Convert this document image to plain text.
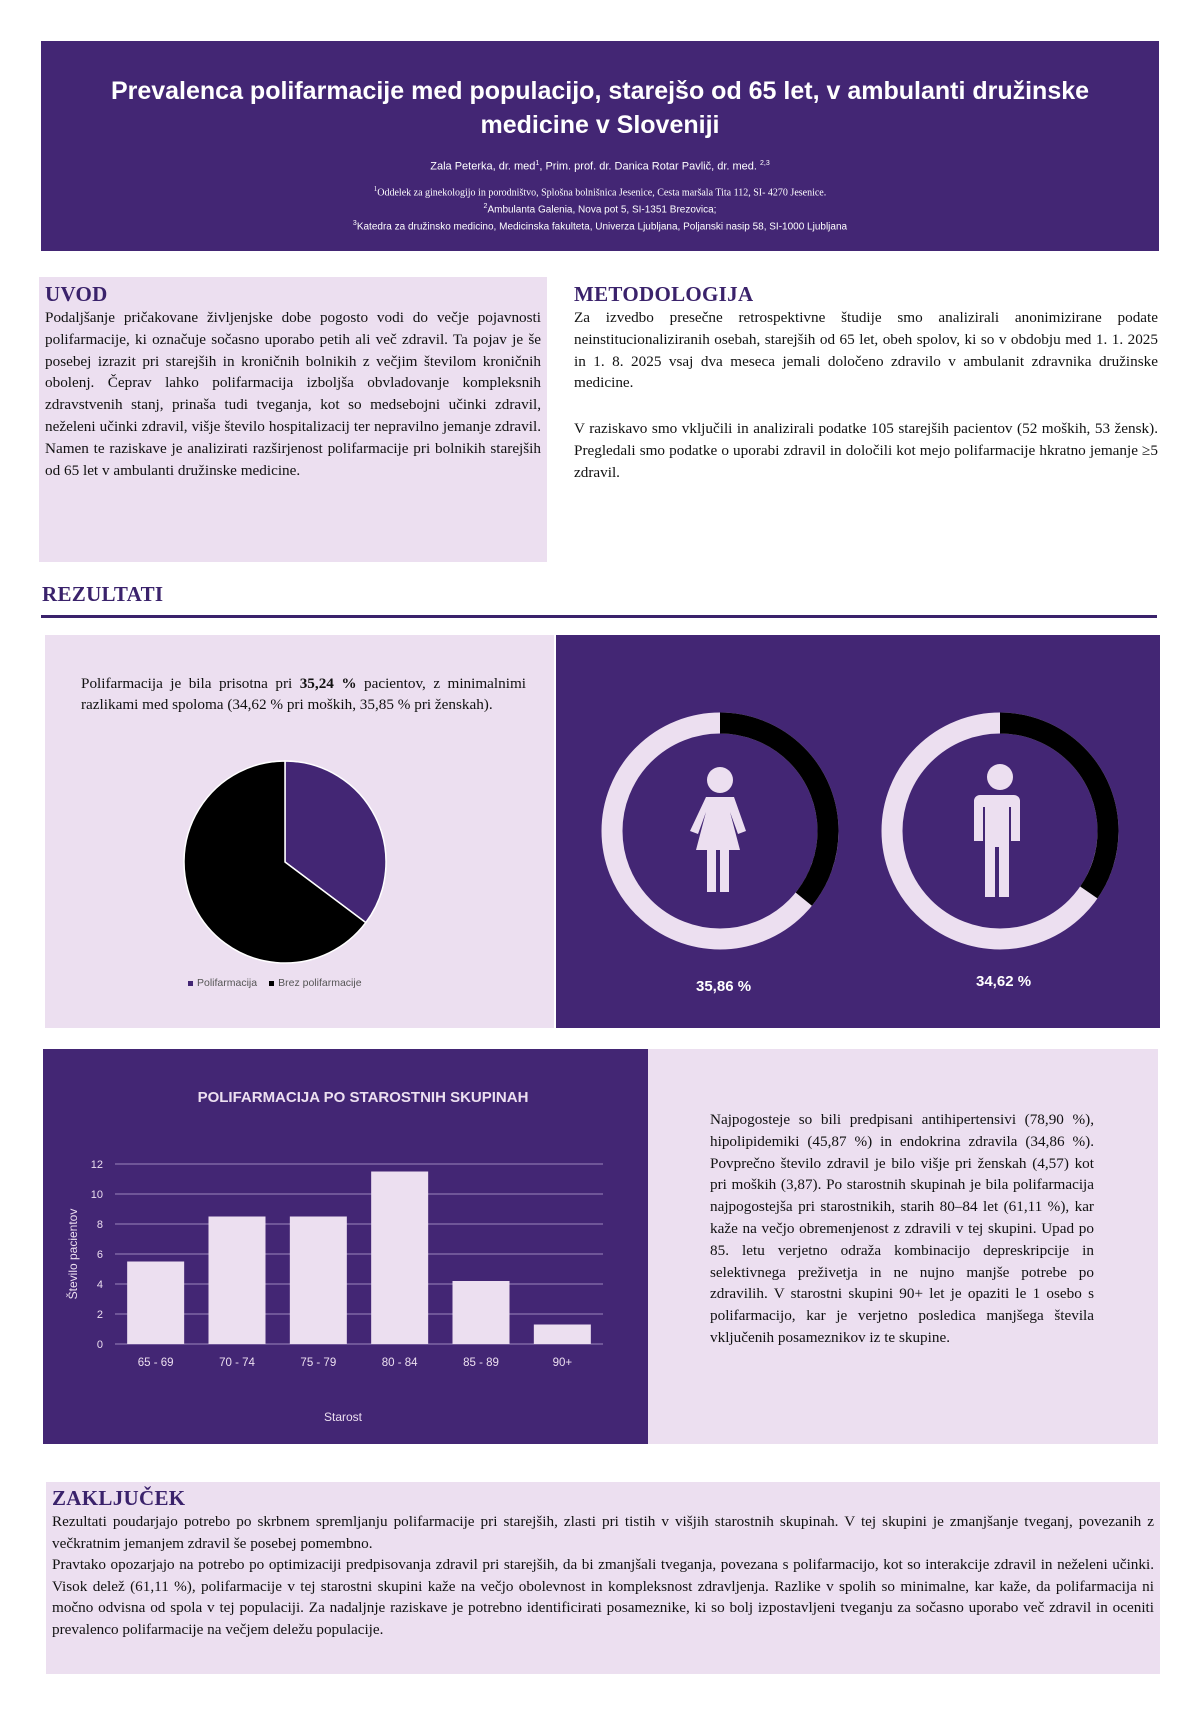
Prevalenca polifarmacije med populacijo, starejšo od 65 let, v ambulanti družinske medicine v Sloveniji
Zala Peterka, dr. med$^1$, Prim. prof. dr. Danica Rotar Pavlič, dr. med. $^{2,3}$
$^1$Oddelek za ginekologijo in porodništvo, Splošna bolnišnica Jesenice, Cesta maršala Tita 112, SI- 4270 Jesenice.
$^2$Ambulanta Galenia, Nova pot 5, SI-1351 Brezovica;
$^3$Katedra za družinsko medicino, Medicinska fakulteta, Univerza Ljubljana, Poljanski nasip 58, SI-1000 Ljubljana
UVOD

Podaljšanje pričakovane življenjske dobe pogosto vodi do večje pojavnosti polifarmacije, ki označuje sočasno uporabo petih ali več zdravil. Ta pojav je še posebej izrazit pri starejših in kroničnih bolnikih z večjim številom kroničnih obolenj. Čeprav lahko polifarmacija izboljša obvladovanje kompleksnih zdravstvenih stanj, prinaša tudi tveganja, kot so medsebojni učinki zdravil, neželeni učinki zdravil, višje število hospitalizacij ter nepravilno jemanje zdravil. Namen te raziskave je analizirati razširjenost polifarmacije pri bolnikih starejših od 65 let v ambulanti družinske medicine.

METODOLOGIJA

Za izvedbo presečne retrospektivne študije smo analizirali anonimizirane podate neinstitucionaliziranih osebah, starejših od 65 let, obeh spolov, ki so v obdobju med 1. 1. 2025 in 1. 8. 2025 vsaj dva meseca jemali določeno zdravilo v ambulanit zdravnika družinske medicine.

V raziskavo smo vključili in analizirali podatke 105 starejših pacientov (52 moških, 53 žensk). Pregledali smo podatke o uporabi zdravil in določili kot mejo polifarmacije hkratno jemanje ≥5 zdravil.

REZULTATI

Polifarmacija je bila prisotna pri 35,24 % pacientov, z minimalnimi razlikami med spoloma (34,62 % pri moških, 35,85 % pri ženskah).

Polifarmacija	Brez polifarmacije	35,86 %	34,62 %
POLIFARMACIJA PO STAROSTNIH SKUPINAH
0
2
4
6
8
10
12
65 - 69	70 - 74	75 - 79	80 - 84	85 - 89	90+
Starost
Število pacientov

Najpogosteje so bili predpisani antihipertensivi (78,90 %), hipolipidemiki (45,87 %) in endokrina zdravila (34,86 %). Povprečno število zdravil je bilo višje pri ženskah (4,57) kot pri moških (3,87). Po starostnih skupinah je bila polifarmacija najpogostejša pri starostnikih, starih 80–84 let (61,11 %), kar kaže na večjo obremenjenost z zdravili v tej skupini. Upad po 85. letu verjetno odraža kombinacijo depreskripcije in selektivnega preživetja in ne nujno manjše potrebe po zdravilih. V starostni skupini 90+ let je opaziti le 1 osebo s polifarmacijo, kar je verjetno posledica manjšega števila vključenih posameznikov iz te skupine.

ZAKLJUČEK

Rezultati poudarjajo potrebo po skrbnem spremljanju polifarmacije pri starejših, zlasti pri tistih v višjih starostnih skupinah. V tej skupini je zmanjšanje tveganj, povezanih z večkratnim jemanjem zdravil še posebej pomembno.

Pravtako opozarjajo na potrebo po optimizaciji predpisovanja zdravil pri starejših, da bi zmanjšali tveganja, povezana s polifarmacijo, kot so interakcije zdravil in neželeni učinki. Visok delež (61,11 %), polifarmacije v tej starostni skupini kaže na večjo obolevnost in kompleksnost zdravljenja. Razlike v spolih so minimalne, kar kaže, da polifarmacija ni močno odvisna od spola v tej populaciji. Za nadaljnje raziskave je potrebno identificirati posameznike, ki so bolj izpostavljeni tveganju za sočasno uporabo več zdravil in oceniti prevalenco polifarmacije na večjem deležu populacije.
